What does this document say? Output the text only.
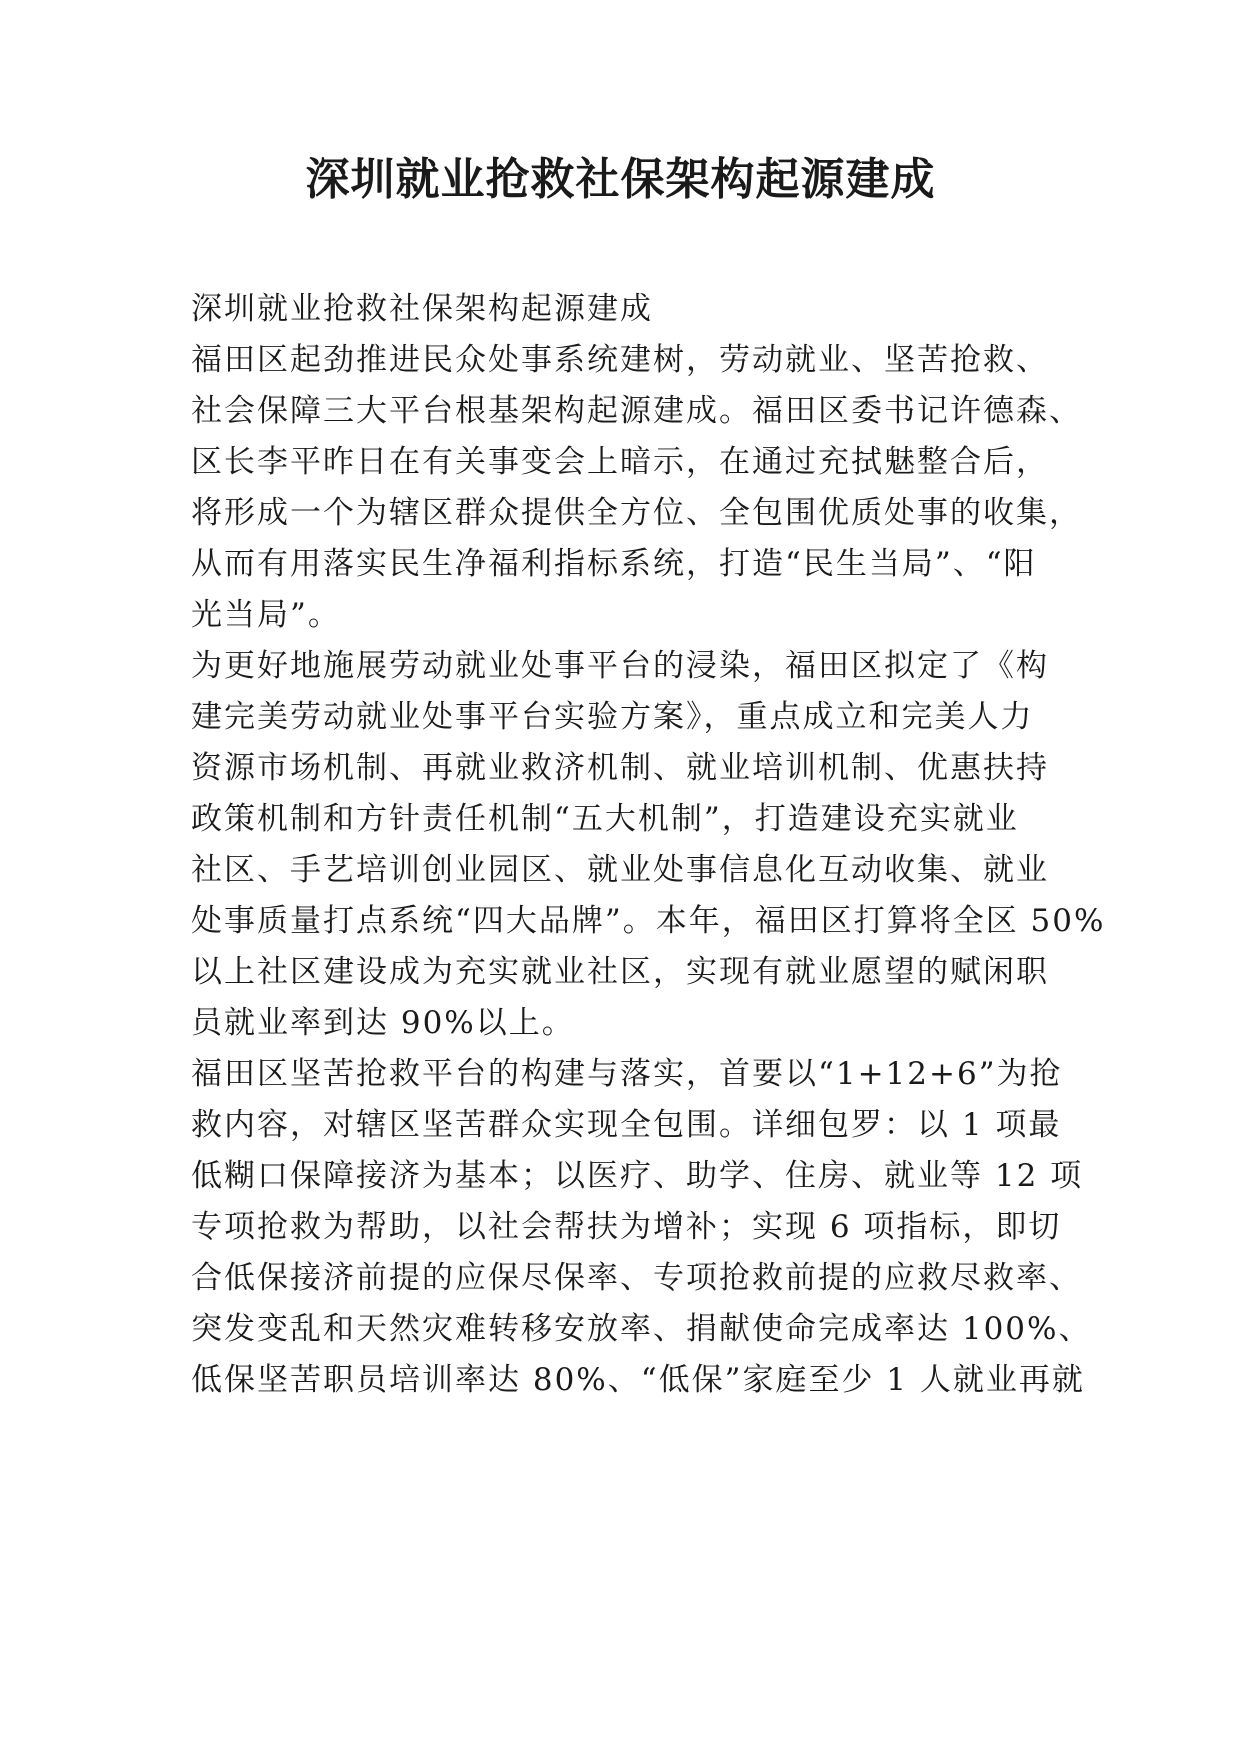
深圳就业抢救社保架构起源建成
深圳就业抢救社保架构起源建成
福田区起劲推进民众处事系统建树，劳动就业、坚苦抢救、
社会保障三大平台根基架构起源建成。福田区委书记许德森、
区长李平昨日在有关事变会上暗示，在通过充拭魅整合后，
将形成一个为辖区群众提供全方位、全包围优质处事的收集，
从而有用落实民生净福利指标系统，打造“民生当局”、“阳
光当局”。
为更好地施展劳动就业处事平台的浸染，福田区拟定了《构
建完美劳动就业处事平台实验方案》，重点成立和完美人力
资源市场机制、再就业救济机制、就业培训机制、优惠扶持
政策机制和方针责任机制“五大机制”，打造建设充实就业
社区、手艺培训创业园区、就业处事信息化互动收集、就业
处事质量打点系统“四大品牌”。本年，福田区打算将全区 50%
以上社区建设成为充实就业社区，实现有就业愿望的赋闲职
员就业率到达 90%以上。
福田区坚苦抢救平台的构建与落实，首要以“1+12+6”为抢
救内容，对辖区坚苦群众实现全包围。详细包罗：以 1 项最
低糊口保障接济为基本；以医疗、助学、住房、就业等 12 项
专项抢救为帮助，以社会帮扶为增补；实现 6 项指标，即切
合低保接济前提的应保尽保率、专项抢救前提的应救尽救率、
突发变乱和天然灾难转移安放率、捐献使命完成率达 100%、
低保坚苦职员培训率达 80%、“低保”家庭至少 1 人就业再就
